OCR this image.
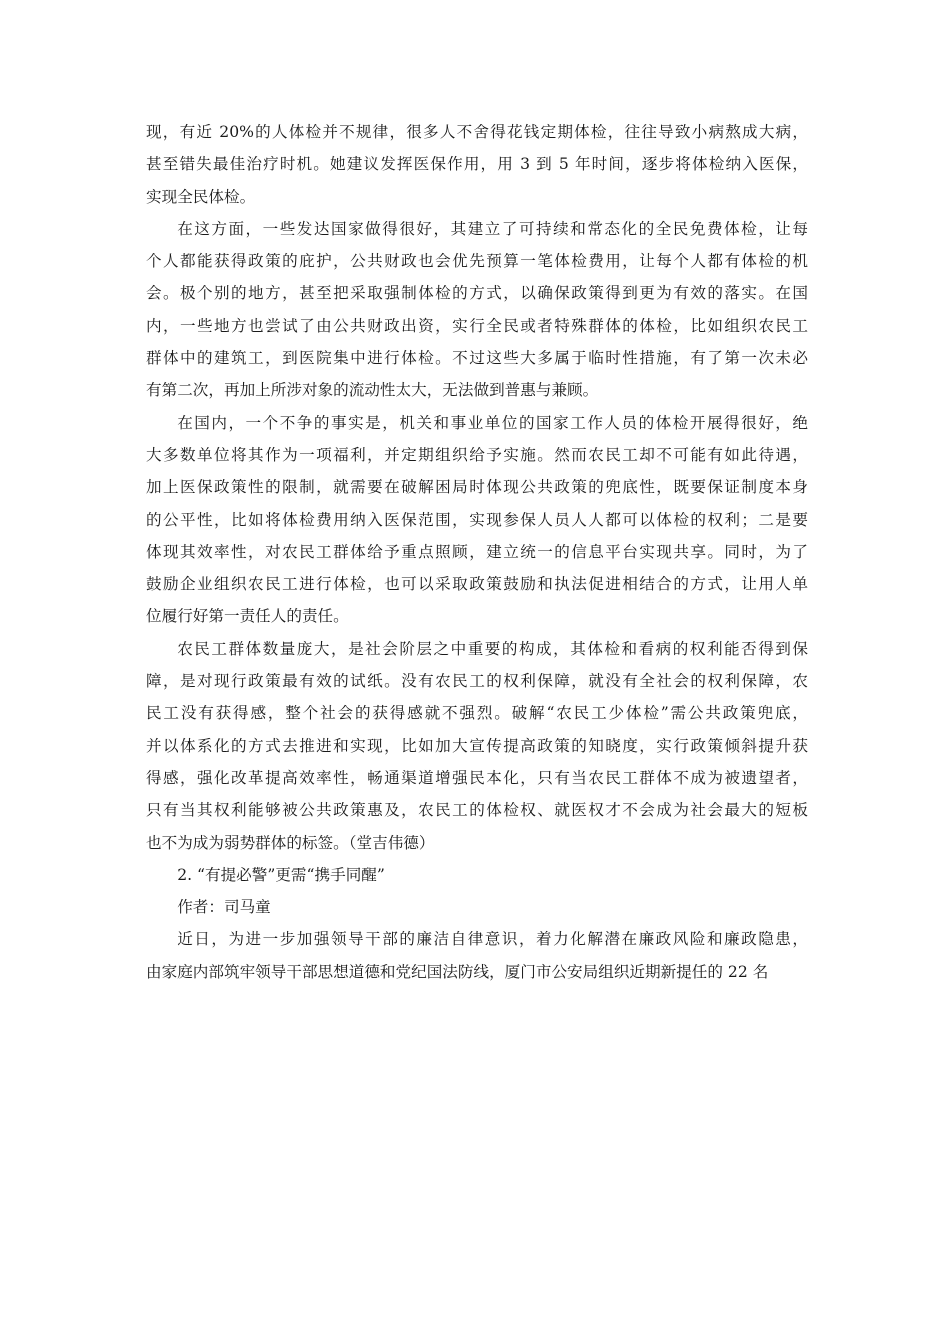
现，有近 20%的人体检并不规律，很多人不舍得花钱定期体检，往往导致小病熬成大病，
甚至错失最佳治疗时机。她建议发挥医保作用，用 3 到 5 年时间，逐步将体检纳入医保，
实现全民体检。

在这方面，一些发达国家做得很好，其建立了可持续和常态化的全民免费体检，让每
个人都能获得政策的庇护，公共财政也会优先预算一笔体检费用，让每个人都有体检的机
会。极个别的地方，甚至把采取强制体检的方式，以确保政策得到更为有效的落实。在国
内，一些地方也尝试了由公共财政出资，实行全民或者特殊群体的体检，比如组织农民工
群体中的建筑工，到医院集中进行体检。不过这些大多属于临时性措施，有了第一次未必
有第二次，再加上所涉对象的流动性太大，无法做到普惠与兼顾。

在国内，一个不争的事实是，机关和事业单位的国家工作人员的体检开展得很好，绝
大多数单位将其作为一项福利，并定期组织给予实施。然而农民工却不可能有如此待遇，
加上医保政策性的限制，就需要在破解困局时体现公共政策的兜底性，既要保证制度本身
的公平性，比如将体检费用纳入医保范围，实现参保人员人人都可以体检的权利；二是要
体现其效率性，对农民工群体给予重点照顾，建立统一的信息平台实现共享。同时，为了
鼓励企业组织农民工进行体检，也可以采取政策鼓励和执法促进相结合的方式，让用人单
位履行好第一责任人的责任。

农民工群体数量庞大，是社会阶层之中重要的构成，其体检和看病的权利能否得到保
障，是对现行政策最有效的试纸。没有农民工的权利保障，就没有全社会的权利保障，农
民工没有获得感，整个社会的获得感就不强烈。破解“农民工少体检”需公共政策兜底，
并以体系化的方式去推进和实现，比如加大宣传提高政策的知晓度，实行政策倾斜提升获
得感，强化改革提高效率性，畅通渠道增强民本化，只有当农民工群体不成为被遗望者，
只有当其权利能够被公共政策惠及，农民工的体检权、就医权才不会成为社会最大的短板
也不为成为弱势群体的标签。（堂吉伟德）

2. “有提必警”更需“携手同醒”

作者：司马童

近日，为进一步加强领导干部的廉洁自律意识，着力化解潜在廉政风险和廉政隐患，
由家庭内部筑牢领导干部思想道德和党纪国法防线，厦门市公安局组织近期新提任的 22 名
